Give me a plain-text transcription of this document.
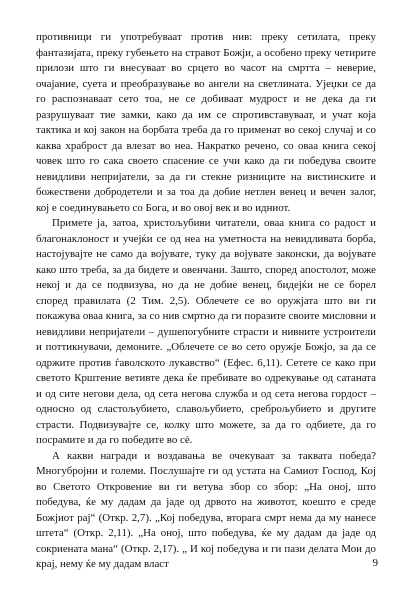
противници ги употребуваат против нив: преку сетилата, преку фантазијата, преку губењето на стравот Божји, а особено преку четирите прилози што ги внесуваат во срцето во часот на смртта – неверие, очајание, суета и преобразување во ангели на светлината. Ујеџки се да го распознаваат сето тоа, не се добиваат мудрост и не дека да ги разрушуваат тие замки, како да им се спротивставуваат, и учат која тактика и кој закон на борбата треба да го применат во секој случај и со каква храброст да влезат во неа. Накратко речено, со оваа книга секој човек што го сака своето спасение се учи како да ги победува своите невидливи непријатели, за да ги стекне ризниците на вистинските и божествени добродетели и за тоа да добие нетлен венец и вечен залог, кој е соединувањето со Бога, и во овој век и во идниот.

Примете ја, затоа, христољубиви читатели, оваа книга со радост и благонаклоност и учејќи се од неа на уметноста на невидливата борба, настојувајте не само да војувате, туку да војувате законски, да војувате како што треба, за да бидете и овенчани. Зашто, според апостолот, може некој и да се подвизува, но да не добие венец, бидејќи не се борел според правилата (2 Тим. 2,5). Облечете се во оружјата што ви ги покажува оваа книга, за со нив смртно да ги поразите своите мисловни и невидливи непријатели – душепогубните страсти и нивните устроители и поттикнувачи, демоните. „Облечете се во сето оружје Божјо, за да се одржите против ѓаволското лукавство“ (Ефес. 6,11). Сетете се како при светото Крштение ветивте дека ќе пребивате во одрекување од сатаната и од сите негови дела, од сета негова служба и од сета негова гордост – односно од сластољубието, славољубието, среброљубието и другите страсти. Подвизувајте се, колку што можете, за да го одбиете, да го посрамите и да го победите во сè.

А какви награди и воздавања ве очекуваат за таквата победа? Многубројни и големи. Послушајте ги од устата на Самиот Господ, Кој во Светото Откровение ви ги ветува збор со збор: „На оној, што победува, ќе му дадам да јаде од дрвото на животот, коешто е среде Божјиот рај“ (Откр. 2,7). „Кој победува, вторага смрт нема да му нанесе штета“ (Откр. 2,11). „На оној, што победува, ќе му дадам да јаде од сокриената мана“ (Откр. 2,17). „ И кој победува и ги пази делата Мои до крај, нему ќе му дадам власт	9
